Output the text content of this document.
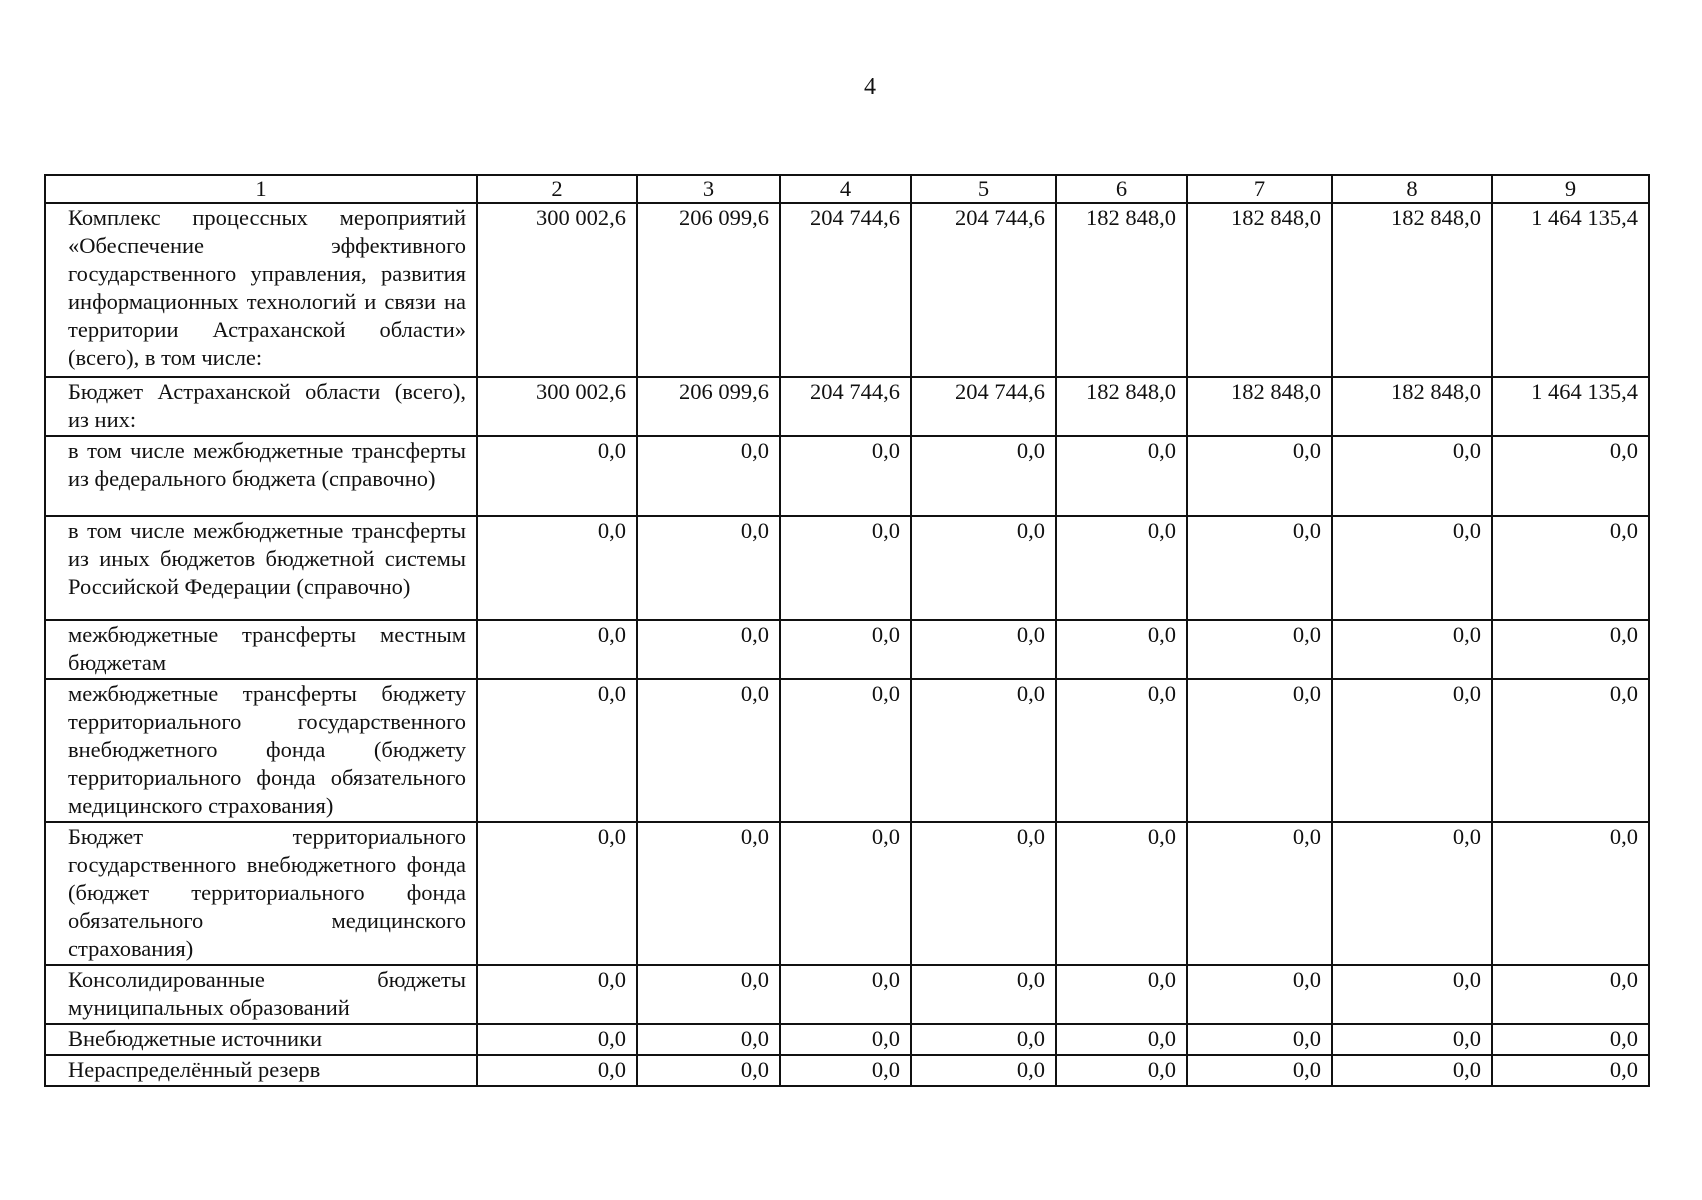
4
1	2	3	4	5	6	7	8	9
Комплекс процессных мероприятий «Обеспечение эффективного государственного управления, развития информационных технологий и связи на территории Астраханской области» (всего), в том числе:	300 002,6	206 099,6	204 744,6	204 744,6	182 848,0	182 848,0	182 848,0	1 464 135,4
Бюджет Астраханской области (всего), из них:	300 002,6	206 099,6	204 744,6	204 744,6	182 848,0	182 848,0	182 848,0	1 464 135,4
в том числе межбюджетные трансферты из федерального бюджета (справочно)	0,0	0,0	0,0	0,0	0,0	0,0	0,0	0,0
в том числе межбюджетные трансферты из иных бюджетов бюджетной системы Российской Федерации (справочно)	0,0	0,0	0,0	0,0	0,0	0,0	0,0	0,0
межбюджетные трансферты местным бюджетам	0,0	0,0	0,0	0,0	0,0	0,0	0,0	0,0
межбюджетные трансферты бюджету территориального государственного внебюджетного фонда (бюджету территориального фонда обязательного медицинского страхования)	0,0	0,0	0,0	0,0	0,0	0,0	0,0	0,0
Бюджет территориального государственного внебюджетного фонда (бюджет территориального фонда обязательного медицинского страхования)	0,0	0,0	0,0	0,0	0,0	0,0	0,0	0,0
Консолидированные бюджеты муниципальных образований	0,0	0,0	0,0	0,0	0,0	0,0	0,0	0,0
Внебюджетные источники	0,0	0,0	0,0	0,0	0,0	0,0	0,0	0,0
Нераспределённый резерв	0,0	0,0	0,0	0,0	0,0	0,0	0,0	0,0
